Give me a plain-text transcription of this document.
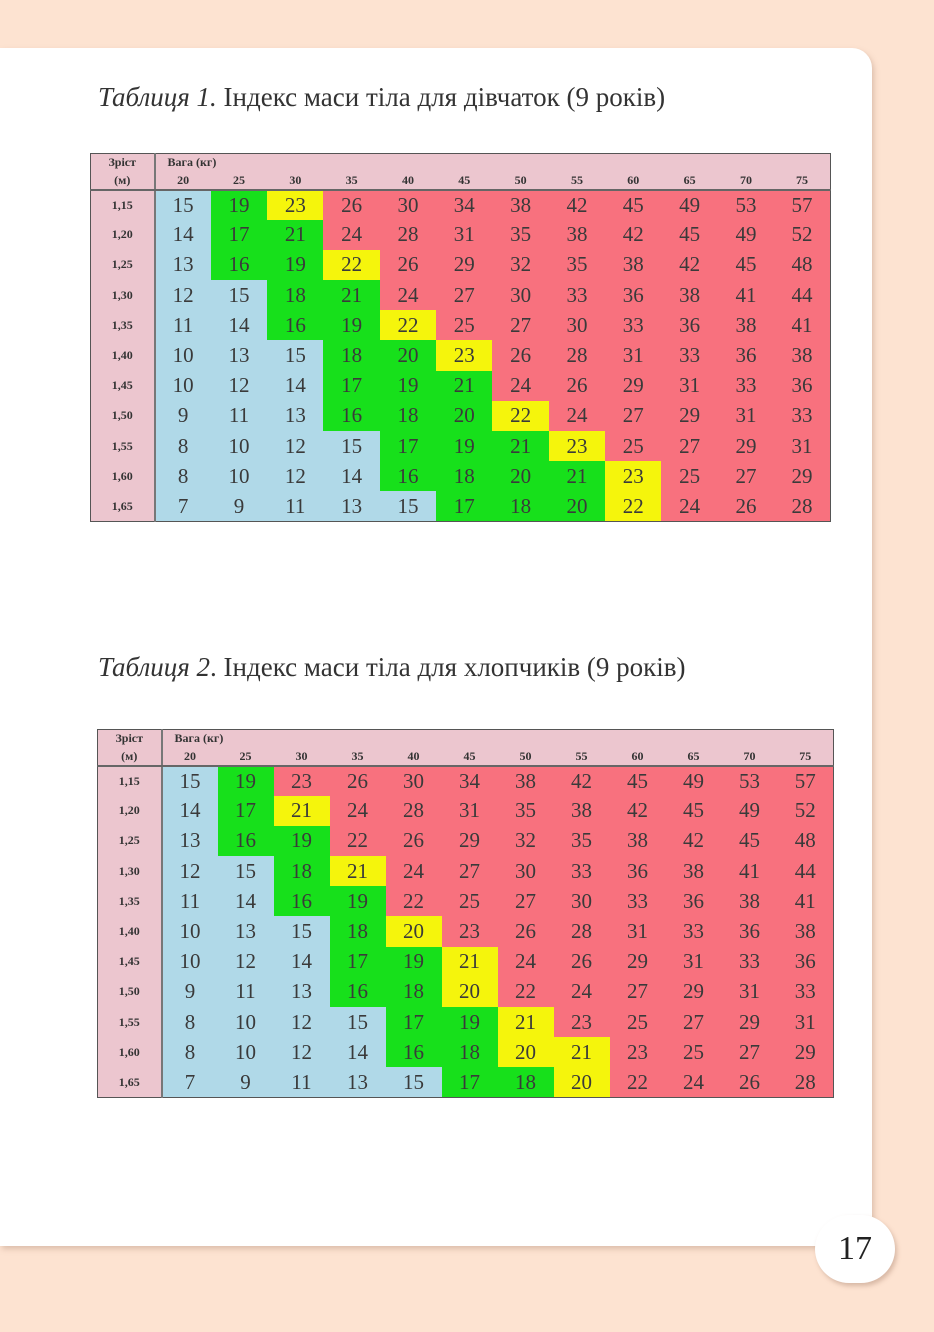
Таблиця 1. Індекс маси тіла для дівчаток (9 років)
Зріст	Вага (кг)											
(м)	20	25	30	35	40	45	50	55	60	65	70	75
1,15	15	19	23	26	30	34	38	42	45	49	53	57
1,20	14	17	21	24	28	31	35	38	42	45	49	52
1,25	13	16	19	22	26	29	32	35	38	42	45	48
1,30	12	15	18	21	24	27	30	33	36	38	41	44
1,35	11	14	16	19	22	25	27	30	33	36	38	41
1,40	10	13	15	18	20	23	26	28	31	33	36	38
1,45	10	12	14	17	19	21	24	26	29	31	33	36
1,50	9	11	13	16	18	20	22	24	27	29	31	33
1,55	8	10	12	15	17	19	21	23	25	27	29	31
1,60	8	10	12	14	16	18	20	21	23	25	27	29
1,65	7	9	11	13	15	17	18	20	22	24	26	28
Таблиця 2. Індекс маси тіла для хлопчиків (9 років)
Зріст	Вага (кг)											
(м)	20	25	30	35	40	45	50	55	60	65	70	75
1,15	15	19	23	26	30	34	38	42	45	49	53	57
1,20	14	17	21	24	28	31	35	38	42	45	49	52
1,25	13	16	19	22	26	29	32	35	38	42	45	48
1,30	12	15	18	21	24	27	30	33	36	38	41	44
1,35	11	14	16	19	22	25	27	30	33	36	38	41
1,40	10	13	15	18	20	23	26	28	31	33	36	38
1,45	10	12	14	17	19	21	24	26	29	31	33	36
1,50	9	11	13	16	18	20	22	24	27	29	31	33
1,55	8	10	12	15	17	19	21	23	25	27	29	31
1,60	8	10	12	14	16	18	20	21	23	25	27	29
1,65	7	9	11	13	15	17	18	20	22	24	26	28
17
